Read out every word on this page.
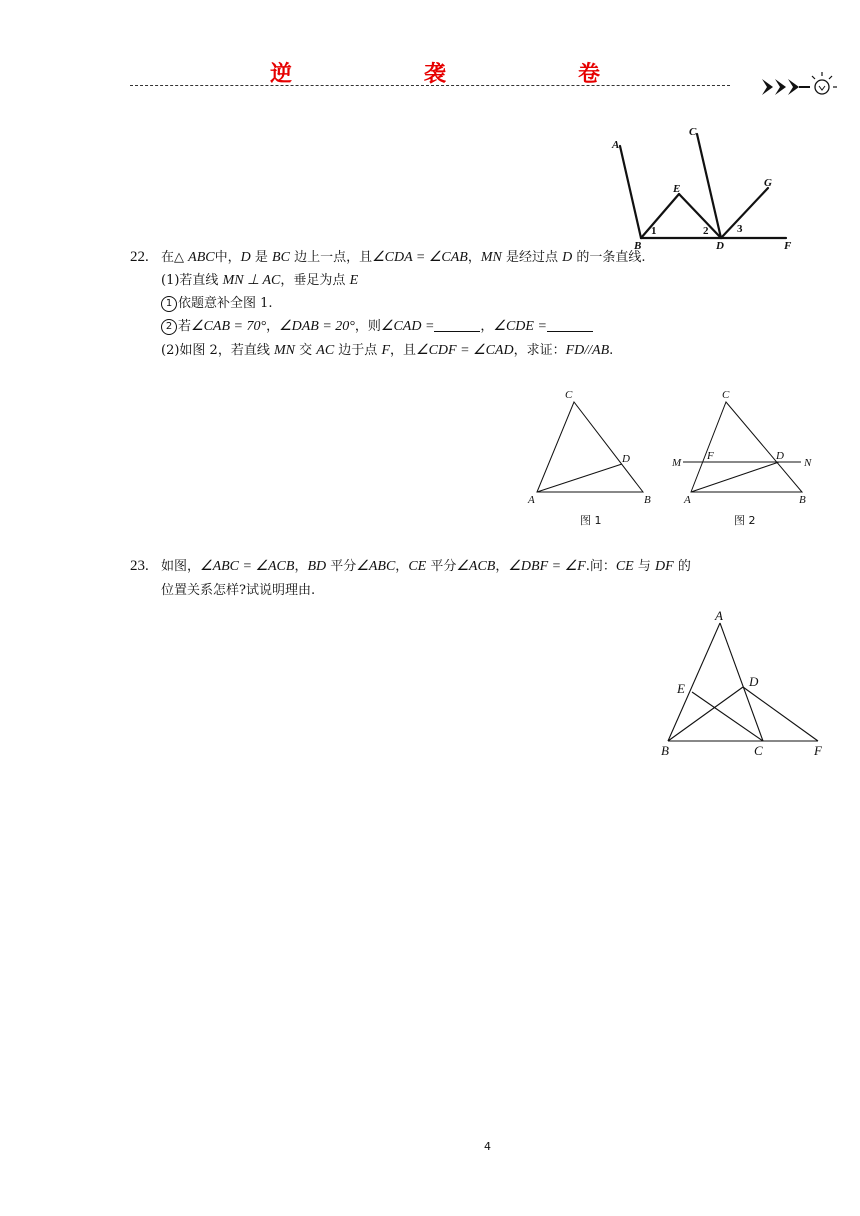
逆	袭	卷
A
C
E	G
B
1	2
D
3
F
22. 在△ ABC中，D 是 BC 边上一点，且∠CDA = ∠CAB，MN 是经过点 D 的一条直线.
(1)若直线 MN ⊥ AC，垂足为点 E
1 依题意补全图 1.
2 若∠CAB = 70°，∠DAB = 20°，则∠CAD =	，∠CDE =
(2)如图 2，若直线 MN 交 AC 边于点 F，且∠CDF = ∠CAD，求证：FD//AB.
C
D
A	B
图 1
C
M
F	D
N
A	B
图 2
23. 如图，∠ABC = ∠ACB，BD 平分∠ABC，CE 平分∠ACB，∠DBF = ∠F.问：CE 与 DF 的
位置关系怎样?试说明理由.
A
E	D
B	C	F
4
